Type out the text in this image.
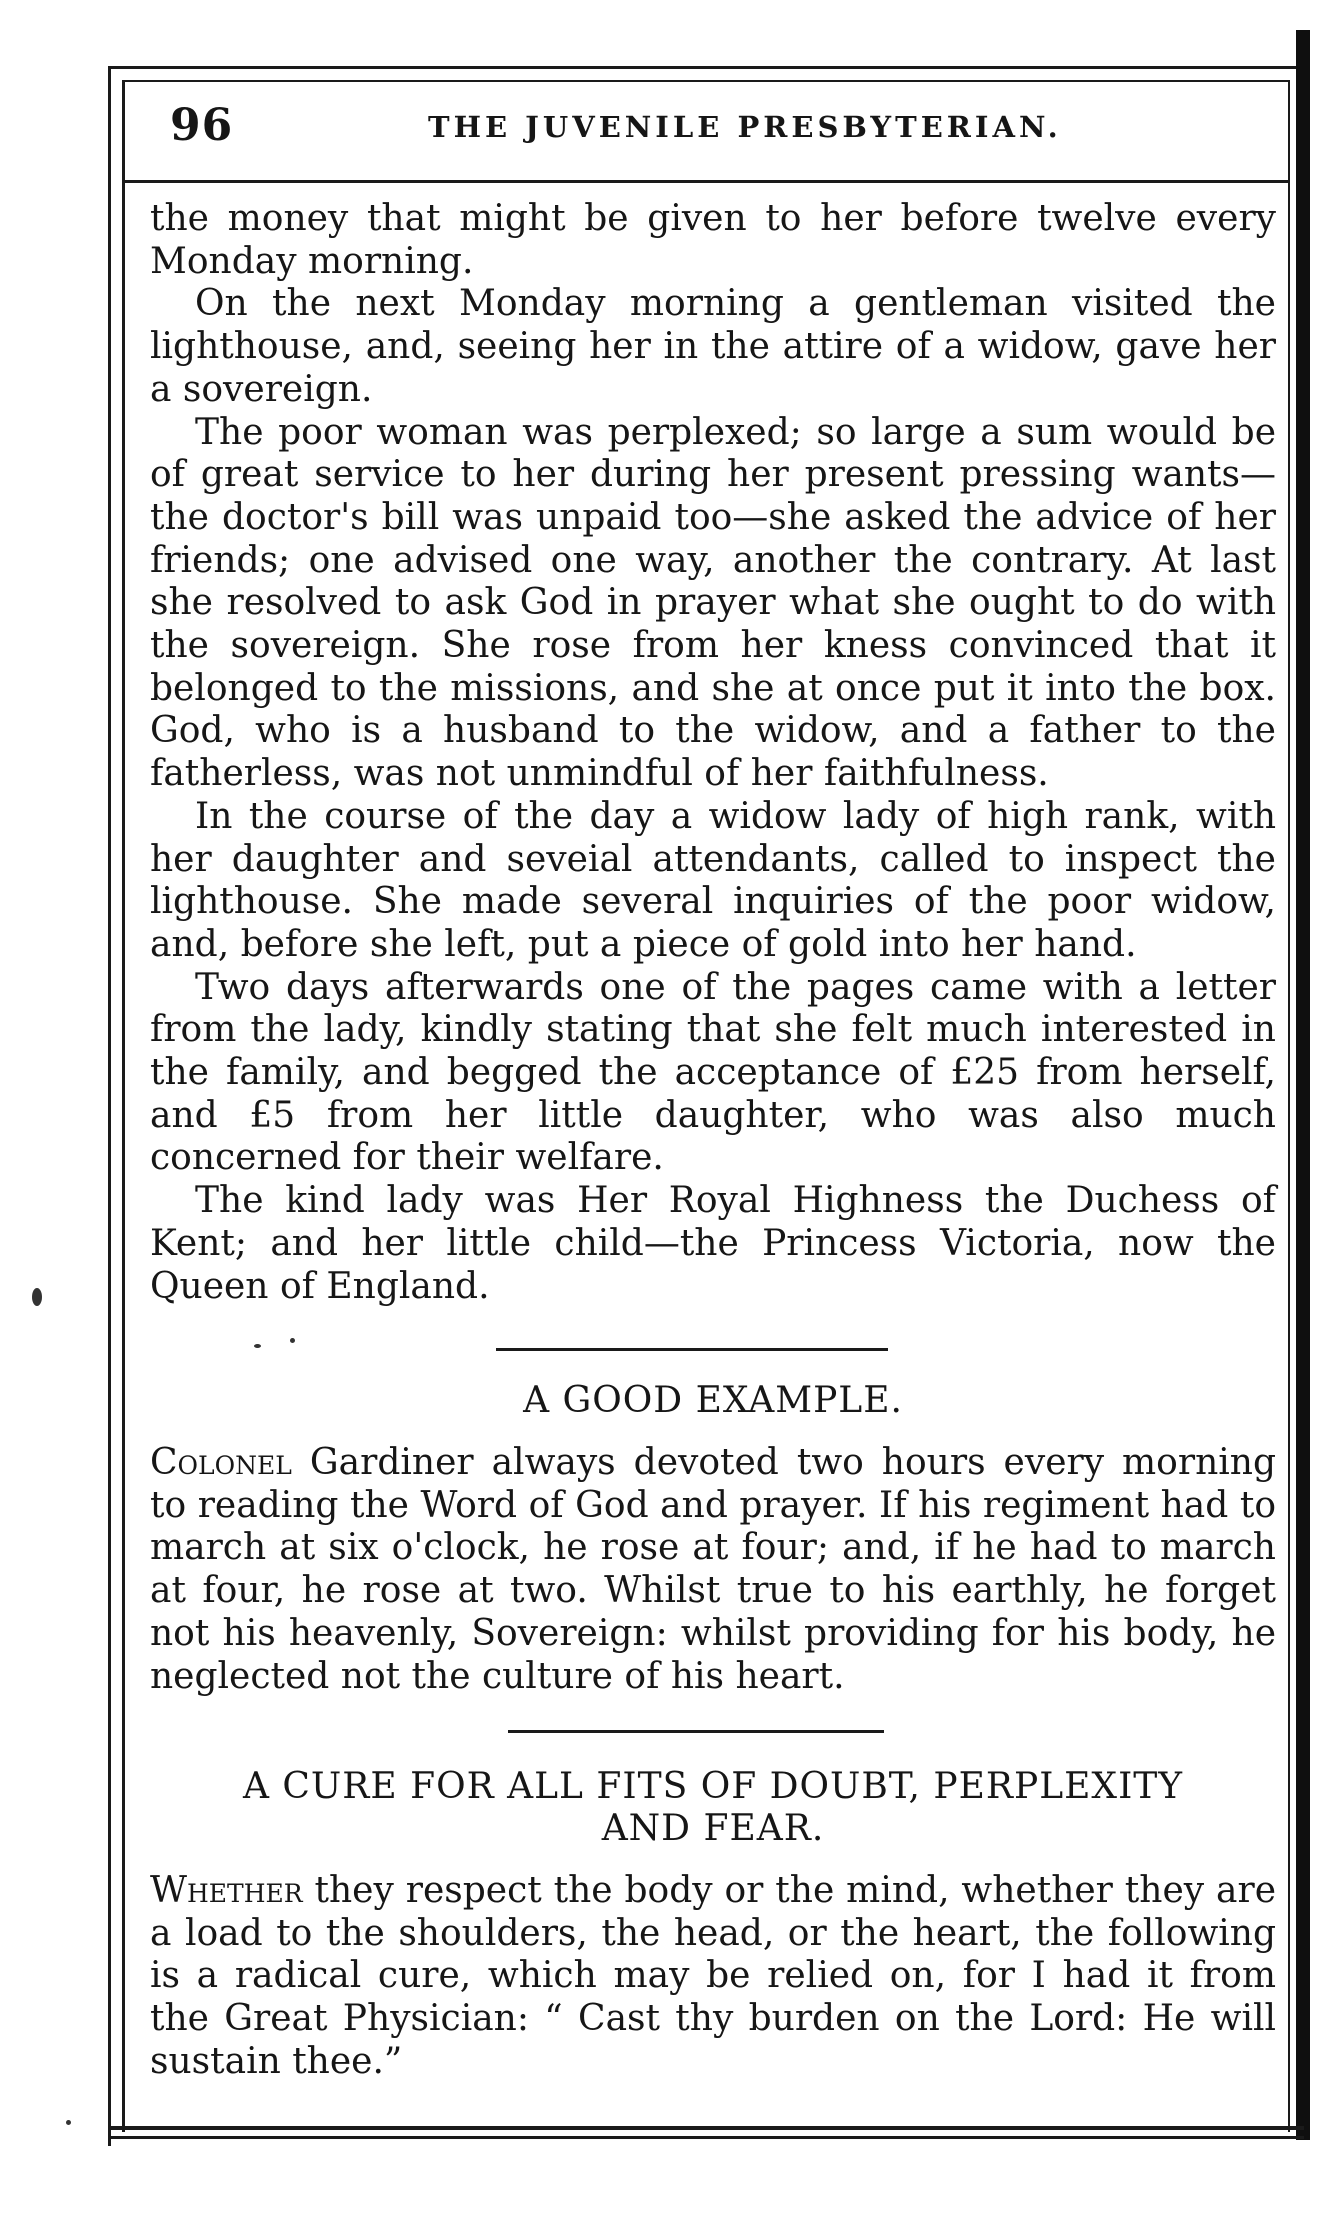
96	THE JUVENILE PRESBYTERIAN.

the money that might be given to her before twelve every Monday morning.

On the next Monday morning a gentleman visited the lighthouse, and, seeing her in the attire of a widow, gave her a sovereign.

The poor woman was perplexed; so large a sum would be of great service to her during her present pressing wants—the doctor's bill was unpaid too—she asked the advice of her friends; one advised one way, another the contrary. At last she resolved to ask God in prayer what she ought to do with the sovereign. She rose from her kness convinced that it belonged to the missions, and she at once put it into the box. God, who is a husband to the widow, and a father to the fatherless, was not unmindful of her faithfulness.

In the course of the day a widow lady of high rank, with her daughter and seveial attendants, called to inspect the lighthouse. She made several inquiries of the poor widow, and, before she left, put a piece of gold into her hand.

Two days afterwards one of the pages came with a letter from the lady, kindly stating that she felt much interested in the family, and begged the acceptance of £25 from herself, and £5 from her little daughter, who was also much concerned for their welfare.

The kind lady was Her Royal Highness the Duchess of Kent; and her little child—the Princess Victoria, now the Queen of England.

A GOOD EXAMPLE.

Colonel Gardiner always devoted two hours every morning to reading the Word of God and prayer. If his regiment had to march at six o'clock, he rose at four; and, if he had to march at four, he rose at two. Whilst true to his earthly, he forget not his heavenly, Sovereign: whilst providing for his body, he neglected not the culture of his heart.

A CURE FOR ALL FITS OF DOUBT, PERPLEXITY
AND FEAR.

Whether they respect the body or the mind, whether they are a load to the shoulders, the head, or the heart, the following is a radical cure, which may be relied on, for I had it from the Great Physician: “ Cast thy burden on the Lord: He will sustain thee.”
